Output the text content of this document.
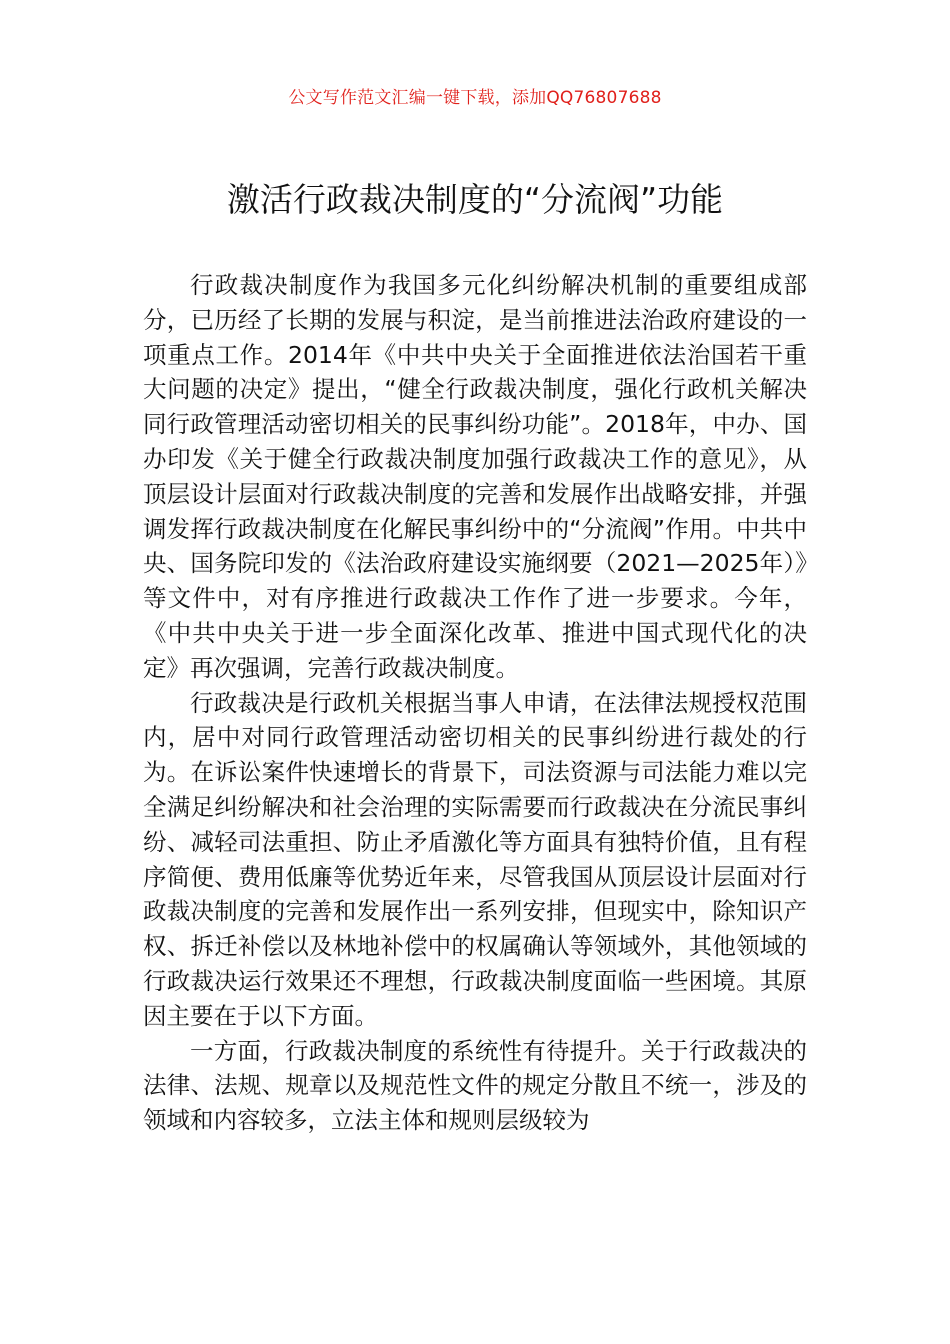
公文写作范文汇编一键下载，添加QQ76807688
激活行政裁决制度的“分流阀”功能

行政裁决制度作为我国多元化纠纷解决机制的重要组成部分，已历经了长期的发展与积淀，是当前推进法治政府建设的一项重点工作。2014年《中共中央关于全面推进依法治国若干重大问题的决定》提出，“健全行政裁决制度，强化行政机关解决同行政管理活动密切相关的民事纠纷功能”。2018年，中办、国办印发《关于健全行政裁决制度加强行政裁决工作的意见》，从顶层设计层面对行政裁决制度的完善和发展作出战略安排，并强调发挥行政裁决制度在化解民事纠纷中的“分流阀”作用。中共中央、国务院印发的《法治政府建设实施纲要（2021—2025年）》等文件中，对有序推进行政裁决工作作了进一步要求。今年，《中共中央关于进一步全面深化改革、推进中国式现代化的决定》再次强调，完善行政裁决制度。

行政裁决是行政机关根据当事人申请，在法律法规授权范围内，居中对同行政管理活动密切相关的民事纠纷进行裁处的行为。在诉讼案件快速增长的背景下，司法资源与司法能力难以完全满足纠纷解决和社会治理的实际需要而行政裁决在分流民事纠纷、减轻司法重担、防止矛盾激化等方面具有独特价值，且有程序简便、费用低廉等优势近年来，尽管我国从顶层设计层面对行政裁决制度的完善和发展作出一系列安排，但现实中，除知识产权、拆迁补偿以及林地补偿中的权属确认等领域外，其他领域的行政裁决运行效果还不理想，行政裁决制度面临一些困境。其原因主要在于以下方面。

一方面，行政裁决制度的系统性有待提升。关于行政裁决的法律、法规、规章以及规范性文件的规定分散且不统一，涉及的领域和内容较多，立法主体和规则层级较为
